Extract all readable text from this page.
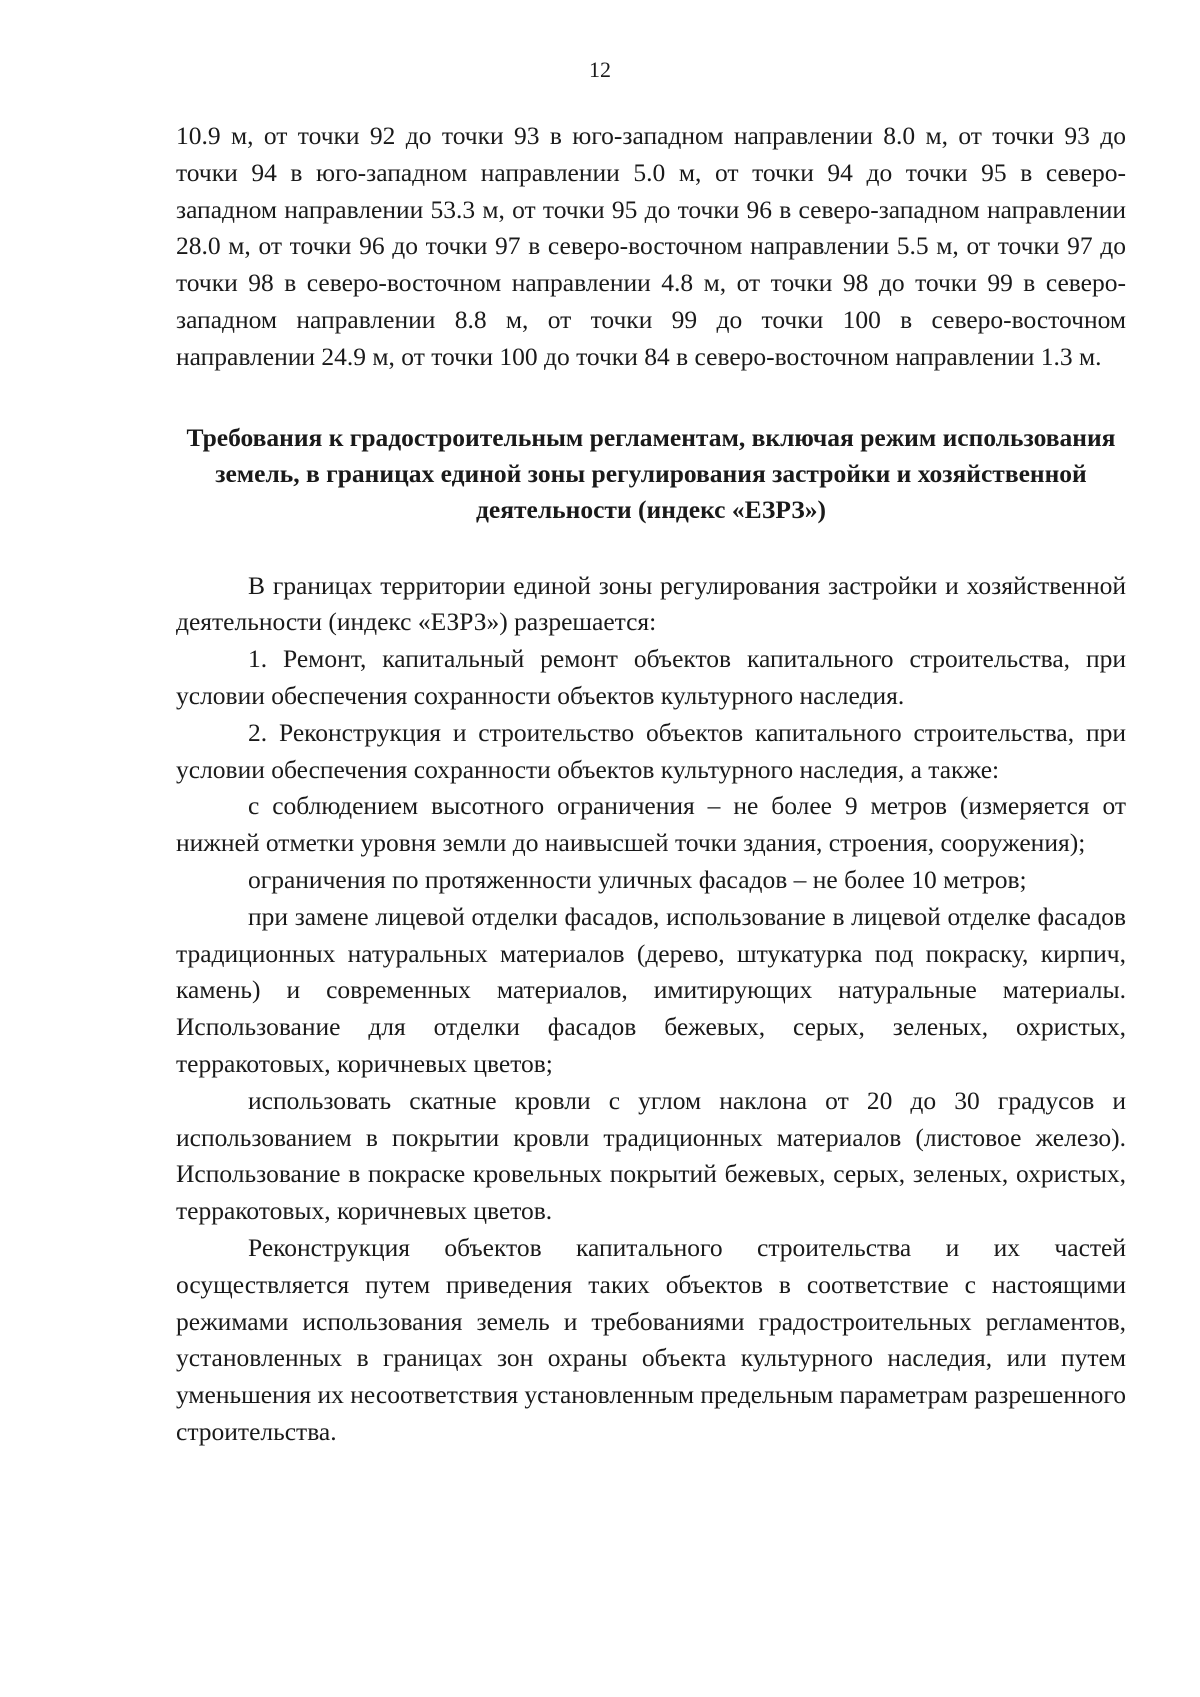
12

10.9 м, от точки 92 до точки 93 в юго-западном направлении 8.0 м, от точки 93 до точки 94 в юго-западном направлении 5.0 м, от точки 94 до точки 95 в северо-западном направлении 53.3 м, от точки 95 до точки 96 в северо-западном направлении 28.0 м, от точки 96 до точки 97 в северо-восточном направлении 5.5 м, от точки 97 до точки 98 в северо-восточном направлении 4.8 м, от точки 98 до точки 99 в северо-западном направлении 8.8 м, от точки 99 до точки 100 в северо-восточном направлении 24.9 м, от точки 100 до точки 84 в северо-восточном направлении 1.3 м.

Требования к градостроительным регламентам, включая режим использования земель, в границах единой зоны регулирования застройки и хозяйственной деятельности (индекс «ЕЗРЗ»)

В границах территории единой зоны регулирования застройки и хозяйственной деятельности (индекс «ЕЗРЗ») разрешается:

1. Ремонт, капитальный ремонт объектов капитального строительства, при условии обеспечения сохранности объектов культурного наследия.

2. Реконструкция и строительство объектов капитального строительства, при условии обеспечения сохранности объектов культурного наследия, а также:

с соблюдением высотного ограничения – не более 9 метров (измеряется от нижней отметки уровня земли до наивысшей точки здания, строения, сооружения);

ограничения по протяженности уличных фасадов – не более 10 метров;

при замене лицевой отделки фасадов, использование в лицевой отделке фасадов традиционных натуральных материалов (дерево, штукатурка под покраску, кирпич, камень) и современных материалов, имитирующих натуральные материалы. Использование для отделки фасадов бежевых, серых, зеленых, охристых, терракотовых, коричневых цветов;

использовать скатные кровли с углом наклона от 20 до 30 градусов и использованием в покрытии кровли традиционных материалов (листовое железо). Использование в покраске кровельных покрытий бежевых, серых, зеленых, охристых, терракотовых, коричневых цветов.

Реконструкция объектов капитального строительства и их частей осуществляется путем приведения таких объектов в соответствие с настоящими режимами использования земель и требованиями градостроительных регламентов, установленных в границах зон охраны объекта культурного наследия, или путем уменьшения их несоответствия установленным предельным параметрам разрешенного строительства.
